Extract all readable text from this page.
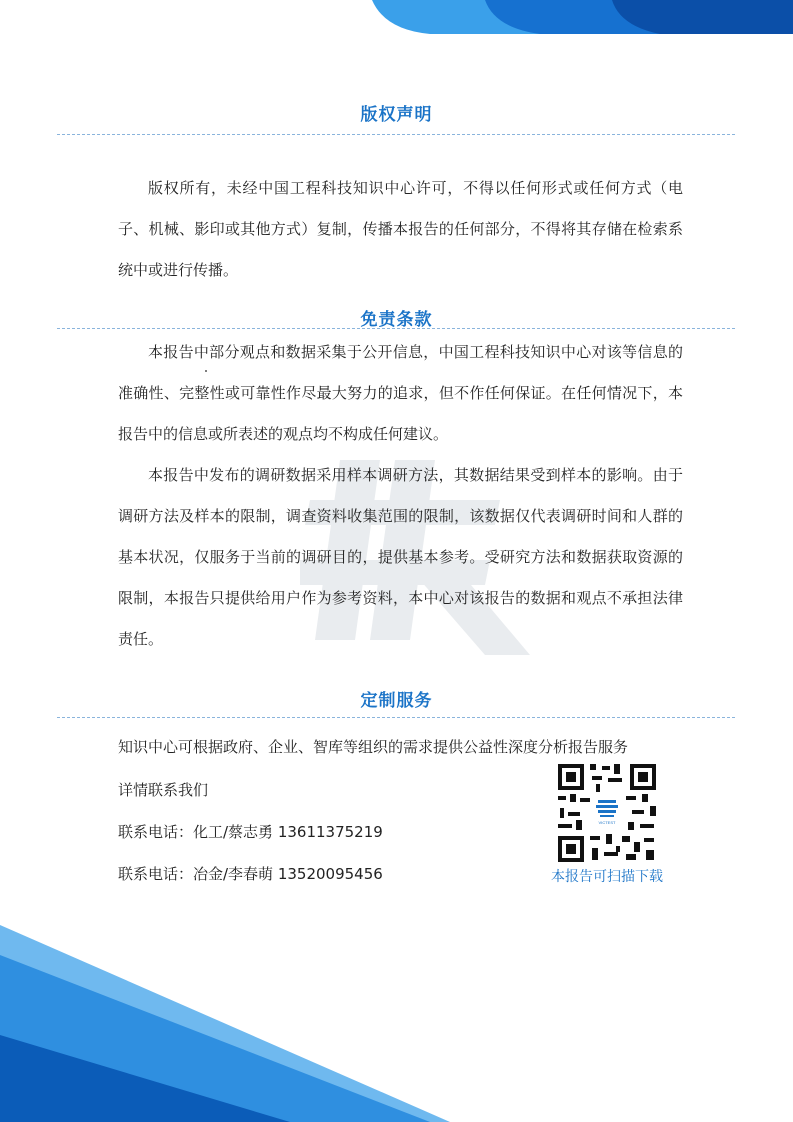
版权声明

版权所有，未经中国工程科技知识中心许可，不得以任何形式或任何方式（电子、机械、影印或其他方式）复制，传播本报告的任何部分，不得将其存储在检索系统中或进行传播。

免责条款

本报告中部分观点和数据采集于公开信息，中国工程科技知识中心对该等信息的准确性、完整性或可靠性作尽最大努力的追求，但不作任何保证。在任何情况下，本报告中的信息或所表述的观点均不构成任何建议。

本报告中发布的调研数据采用样本调研方法，其数据结果受到样本的影响。由于调研方法及样本的限制，调查资料收集范围的限制，该数据仅代表调研时间和人群的基本状况，仅服务于当前的调研目的，提供基本参考。受研究方法和数据获取资源的限制，本报告只提供给用户作为参考资料，本中心对该报告的数据和观点不承担法律责任。

定制服务
知识中心可根据政府、企业、智库等组织的需求提供公益性深度分析报告服务
详情联系我们
联系电话：化工/蔡志勇 13611375219
联系电话：冶金/李春萌 13520095456
VICTEST
本报告可扫描下载
